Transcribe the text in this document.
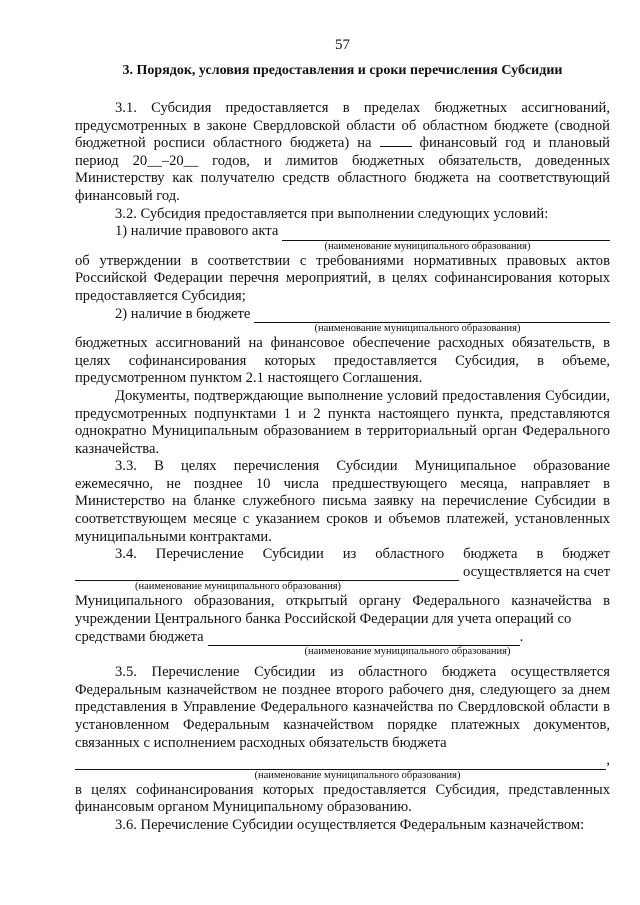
57
3. Порядок, условия предоставления и сроки перечисления Субсидии

3.1. Субсидия предоставляется в пределах бюджетных ассигнований, предусмотренных в законе Свердловской области об областном бюджете (сводной бюджетной росписи областного бюджета) на	финансовый год и плановый период 20__–20__ годов, и лимитов бюджетных обязательств, доведенных Министерству как получателю средств областного бюджета на соответствующий финансовый год.

3.2. Субсидия предоставляется при выполнении следующих условий:

1) наличие правового акта
(наименование муниципального образования)

об утверждении в соответствии с требованиями нормативных правовых актов Российской Федерации перечня мероприятий, в целях софинансирования которых предоставляется Субсидия;

2) наличие в бюджете
(наименование муниципального образования)

бюджетных ассигнований на финансовое обеспечение расходных обязательств, в целях софинансирования которых предоставляется Субсидия, в объеме, предусмотренном пунктом 2.1 настоящего Соглашения.

Документы, подтверждающие выполнение условий предоставления Субсидии, предусмотренных подпунктами 1 и 2 пункта настоящего пункта, представляются однократно Муниципальным образованием в территориальный орган Федерального казначейства.

3.3. В целях перечисления Субсидии Муниципальное образование ежемесячно, не позднее 10 числа предшествующего месяца, направляет в Министерство на бланке служебного письма заявку на перечисление Субсидии в соответствующем месяце с указанием сроков и объемов платежей, установленных муниципальными контрактами.

3.4. Перечисление Субсидии из областного бюджета в бюджет

осуществляется на счет
(наименование муниципального образования)

Муниципального образования, открытый органу Федерального казначейства в учреждении Центрального банка Российской Федерации для учета операций со

средствами бюджета	.
(наименование муниципального образования)

3.5. Перечисление Субсидии из областного бюджета осуществляется Федеральным казначейством не позднее второго рабочего дня, следующего за днем представления в Управление Федерального казначейства по Свердловской области в установленном Федеральным казначейством порядке платежных документов, связанных с исполнением расходных обязательств бюджета

,
(наименование муниципального образования)

в целях софинансирования которых предоставляется Субсидия, представленных финансовым органом Муниципальному образованию.

3.6. Перечисление Субсидии осуществляется Федеральным казначейством:
